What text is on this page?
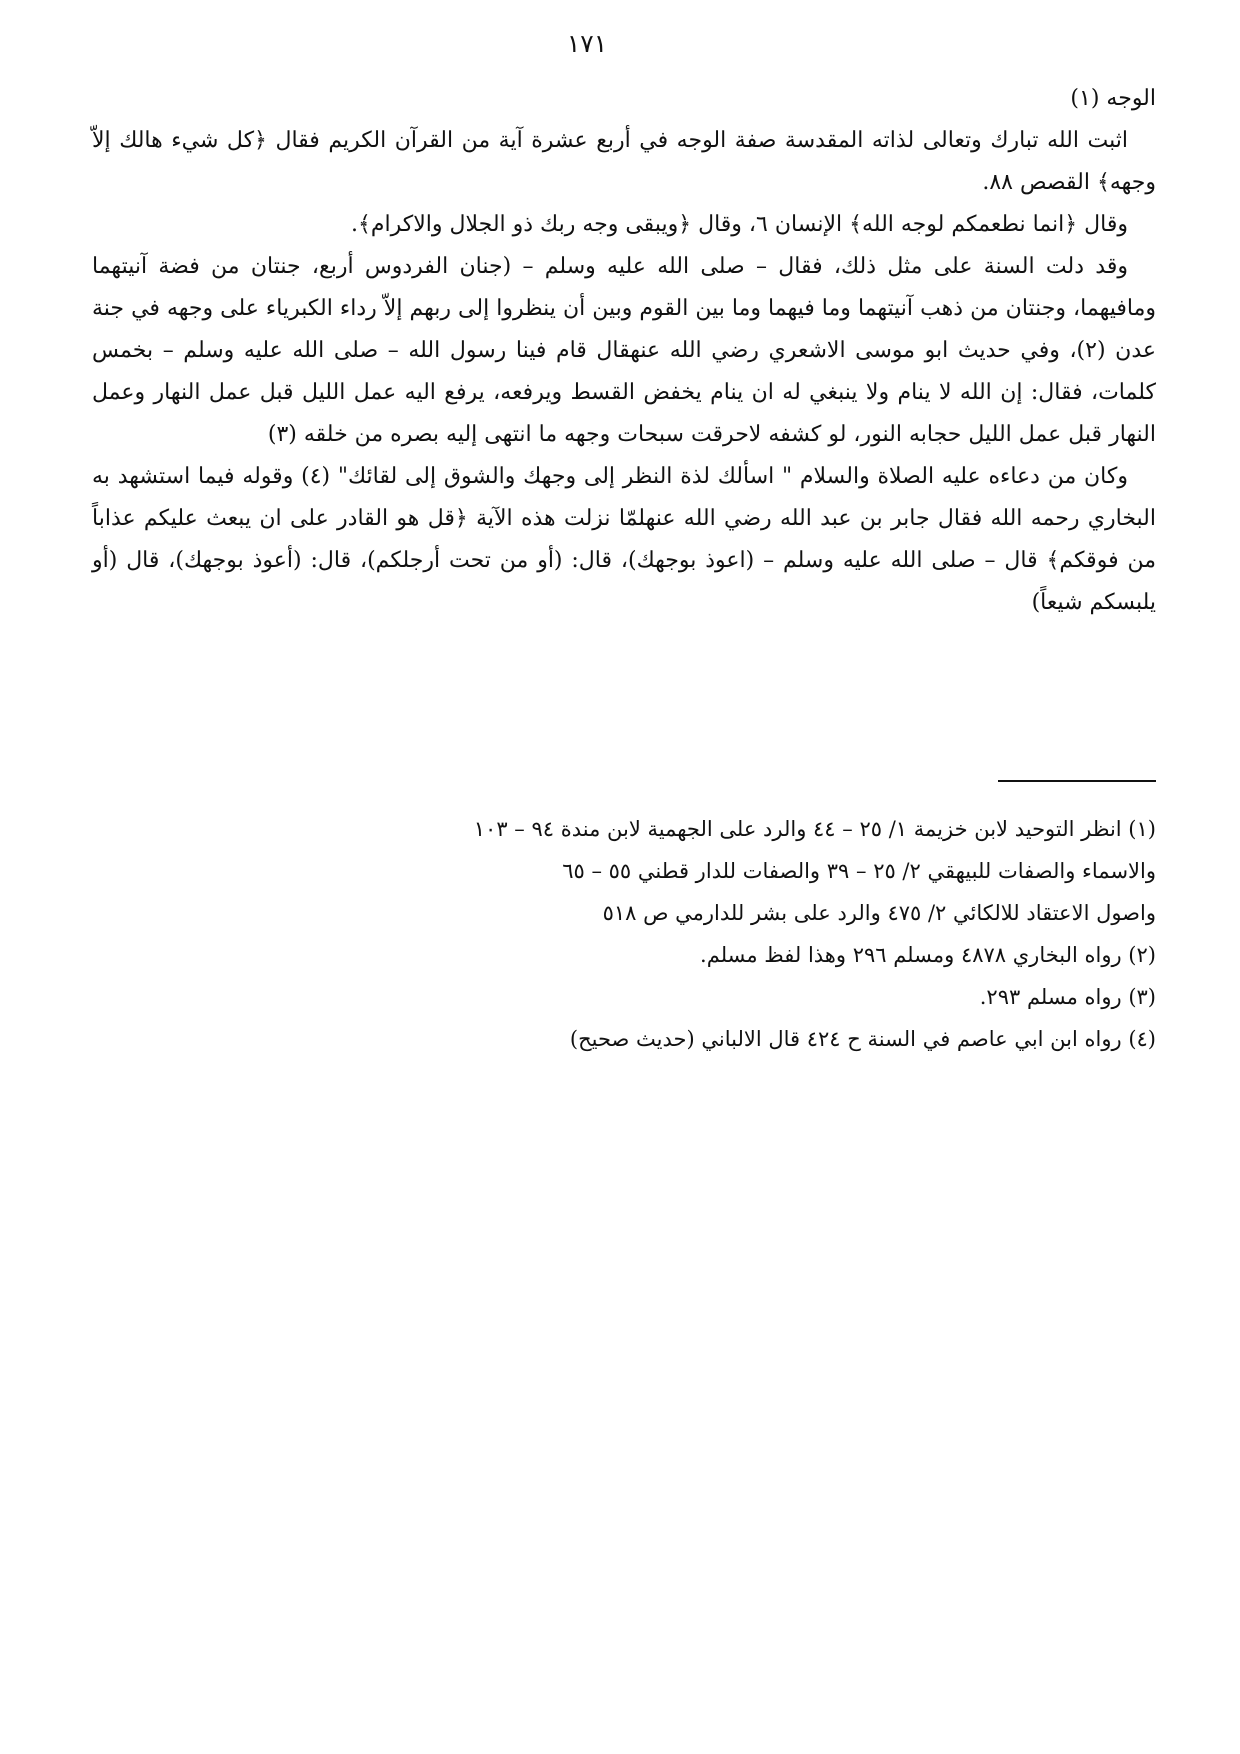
١٧١

الوجه (١)

اثبت الله تبارك وتعالى لذاته المقدسة صفة الوجه في أربع عشرة آية من القرآن الكريم فقال ﴿كل شيء هالك إلاّ وجهه﴾ القصص ٨٨.

وقال ﴿انما نطعمكم لوجه الله﴾ الإنسان ٦، وقال ﴿ويبقى وجه ربك ذو الجلال والاكرام﴾.

وقد دلت السنة على مثل ذلك، فقال – صلى الله عليه وسلم – (جنان الفردوس أربع، جنتان من فضة آنيتهما ومافيهما، وجنتان من ذهب آنيتهما وما فيهما وما بين القوم وبين أن ينظروا إلى ربهم إلاّ رداء الكبرياء على وجهه في جنة عدن (٢)، وفي حديث ابو موسى الاشعري رضي الله عنهقال قام فينا رسول الله – صلى الله عليه وسلم – بخمس كلمات، فقال: إن الله لا ينام ولا ينبغي له ان ينام يخفض القسط ويرفعه، يرفع اليه عمل الليل قبل عمل النهار وعمل النهار قبل عمل الليل حجابه النور، لو كشفه لاحرقت سبحات وجهه ما انتهى إليه بصره من خلقه (٣)

وكان من دعاءه عليه الصلاة والسلام " اسألك لذة النظر إلى وجهك والشوق إلى لقائك" (٤) وقوله فيما استشهد به البخاري رحمه الله فقال جابر بن عبد الله رضي الله عنهلمّا نزلت هذه الآية ﴿قل هو القادر على ان يبعث عليكم عذاباً من فوقكم﴾ قال – صلى الله عليه وسلم – (اعوذ بوجهك)، قال: (أو من تحت أرجلكم)، قال: (أعوذ بوجهك)، قال (أو يلبسكم شيعاً)

(١) انظر التوحيد لابن خزيمة ١/ ٢٥ – ٤٤ والرد على الجهمية لابن مندة ٩٤ – ١٠٣

والاسماء والصفات للبيهقي ٢/ ٢٥ – ٣٩ والصفات للدار قطني ٥٥ – ٦٥

واصول الاعتقاد للالكائي ٢/ ٤٧٥ والرد على بشر للدارمي ص ٥١٨

(٢) رواه البخاري ٤٨٧٨ ومسلم ٢٩٦ وهذا لفظ مسلم.

(٣) رواه مسلم ٢٩٣.

(٤) رواه ابن ابي عاصم في السنة ح ٤٢٤ قال الالباني (حديث صحيح)
